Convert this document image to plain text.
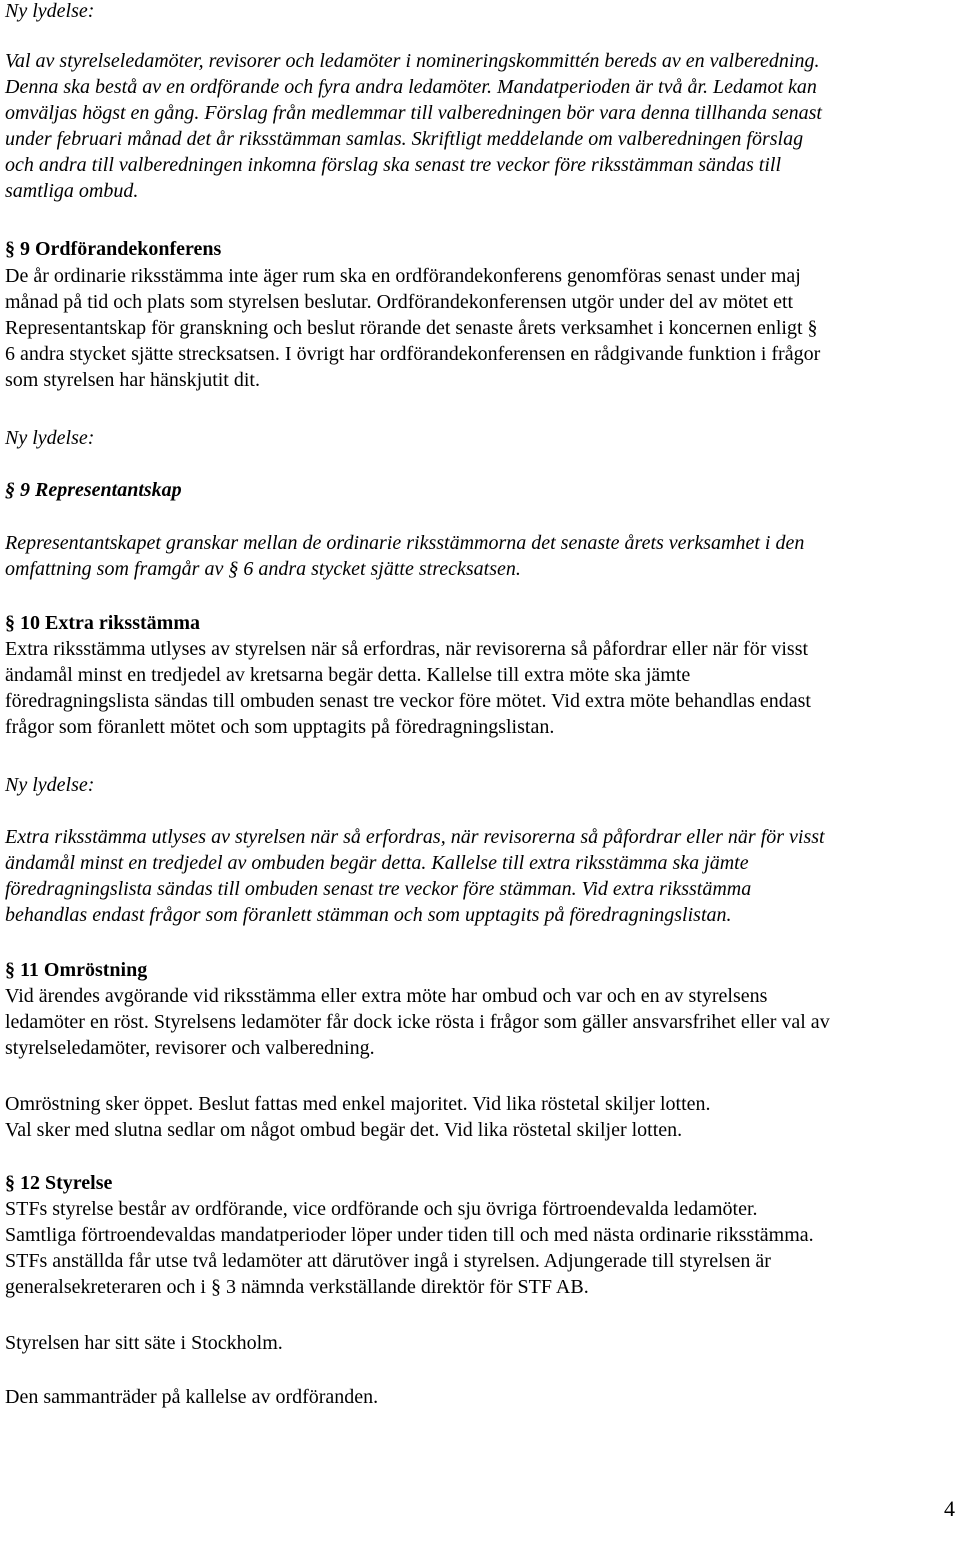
Ny lydelse:
Val av styrelseledamöter, revisorer och ledamöter i nomineringskommittén bereds av en valberedning.
Denna ska bestå av en ordförande och fyra andra ledamöter. Mandatperioden är två år. Ledamot kan
omväljas högst en gång. Förslag från medlemmar till valberedningen bör vara denna tillhanda senast
under februari månad det år riksstämman samlas. Skriftligt meddelande om valberedningen förslag
och andra till valberedningen inkomna förslag ska senast tre veckor före riksstämman sändas till
samtliga ombud.
§ 9 Ordförandekonferens
De år ordinarie riksstämma inte äger rum ska en ordförandekonferens genomföras senast under maj
månad på tid och plats som styrelsen beslutar. Ordförandekonferensen utgör under del av mötet ett
Representantskap för granskning och beslut rörande det senaste årets verksamhet i koncernen enligt §
6 andra stycket sjätte strecksatsen. I övrigt har ordförandekonferensen en rådgivande funktion i frågor
som styrelsen har hänskjutit dit.
Ny lydelse:
§ 9 Representantskap
Representantskapet granskar mellan de ordinarie riksstämmorna det senaste årets verksamhet i den
omfattning som framgår av § 6 andra stycket sjätte strecksatsen.
§ 10 Extra riksstämma
Extra riksstämma utlyses av styrelsen när så erfordras, när revisorerna så påfordrar eller när för visst
ändamål minst en tredjedel av kretsarna begär detta. Kallelse till extra möte ska jämte
föredragningslista sändas till ombuden senast tre veckor före mötet. Vid extra möte behandlas endast
frågor som föranlett mötet och som upptagits på föredragningslistan.
Ny lydelse:
Extra riksstämma utlyses av styrelsen när så erfordras, när revisorerna så påfordrar eller när för visst
ändamål minst en tredjedel av ombuden begär detta. Kallelse till extra riksstämma ska jämte
föredragningslista sändas till ombuden senast tre veckor före stämman. Vid extra riksstämma
behandlas endast frågor som föranlett stämman och som upptagits på föredragningslistan.
§ 11 Omröstning
Vid ärendes avgörande vid riksstämma eller extra möte har ombud och var och en av styrelsens
ledamöter en röst. Styrelsens ledamöter får dock icke rösta i frågor som gäller ansvarsfrihet eller val av
styrelseledamöter, revisorer och valberedning.
Omröstning sker öppet. Beslut fattas med enkel majoritet. Vid lika röstetal skiljer lotten.
Val sker med slutna sedlar om något ombud begär det. Vid lika röstetal skiljer lotten.
§ 12 Styrelse
STFs styrelse består av ordförande, vice ordförande och sju övriga förtroendevalda ledamöter.
Samtliga förtroendevaldas mandatperioder löper under tiden till och med nästa ordinarie riksstämma.
STFs anställda får utse två ledamöter att därutöver ingå i styrelsen. Adjungerade till styrelsen är
generalsekreteraren och i § 3 nämnda verkställande direktör för STF AB.
Styrelsen har sitt säte i Stockholm.
Den sammanträder på kallelse av ordföranden.
4
